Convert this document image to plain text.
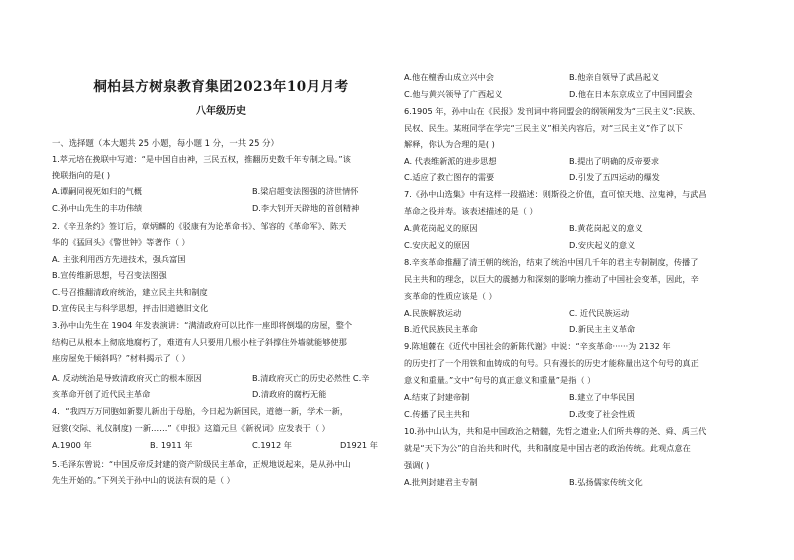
桐柏县方树泉教育集团2023年10月月考
八年级历史
一、选择题（本大题共 25 小题，每小题 1 分，一共 25 分）
1.萃元培在挽联中写道：“是中国自由神，三民五权，推翻历史数千年专制之局。”该
挽联指向的是( )
A.谭嗣同视死如归的气概	B.梁启超变法图强的济世情怀
C.孙中山先生的丰功伟绩	D.李大钊开天辟地的首创精神
2.《辛丑条约》签订后，章炳麟的《驳康有为论革命书》、邹容的《革命军》、陈天
华的《猛回头》《警世钟》等著作（ ）
A. 主张利用西方先进技术，强兵富国
B.宣传维新思想，号召变法图强
C.号召推翻清政府统治，建立民主共和制度
D.宣传民主与科学思想，抨击旧道德旧文化
3.孙中山先生在 1904 年发表演讲：“满清政府可以比作一座即将倒塌的房屋，整个
结构已从根本上彻底地腐朽了，难道有人只要用几根小柱子斜撑住外墙就能够使那
座房屋免于倾斜吗？”材料揭示了（ ）
A. 反动统治是导致清政府灭亡的根本原因	B.清政府灭亡的历史必然性 C.辛
亥革命开创了近代民主革命	D.清政府的腐朽无能
4．“我四万万同胞如新婴儿新出于母胎，今日起为新国民，道德一新，学术一新，
冠裳(交际、礼仪制度) 一新……”《申报》这篇元旦《新祝词》应发表于（ ）
A.1900 年	B. 1911 年	C.1912 年	D1921 年
5.毛泽东曾说：“中国反帝反封建的资产阶级民主革命，正规地说起来，是从孙中山
先生开始的。”下列关于孙中山的说法有误的是（ ）
A.他在檀香山成立兴中会	B.他亲自领导了武昌起义
C.他与黄兴领导了广西起义	D.他在日本东京成立了中国同盟会
6.1905 年，孙中山在《民报》发刊词中将同盟会的纲领阐发为“三民主义”:民族、
民权、民生。某班同学在学完“三民主义”相关内容后，对“三民主义”作了以下
解释，你认为合理的是( )
A. 代表维新派的进步思想	B.提出了明确的反帝要求
C.适应了救亡图存的需要	D.引发了五四运动的爆发
7.《孙中山选集》中有这样一段描述：则斯役之价值，直可惊天地、泣鬼神，与武昌
革命之役并寿。该表述描述的是（ ）
A.黄花岗起义的原因	B.黄花岗起义的意义
C.安庆起义的原因	D.安庆起义的意义
8.辛亥革命推翻了清王朝的统治，结束了统治中国几千年的君主专制制度，传播了
民主共和的理念，以巨大的震撼力和深刻的影响力推动了中国社会变革，因此，辛
亥革命的性质应该是（ ）
A.民族解放运动	C. 近代民族运动
B.近代民族民主革命	D.新民主主义革命
9.陈旭麓在《近代中国社会的新陈代谢》中说：“辛亥革命······为 2132 年
的历史打了一个用铁和血铸成的句号。只有漫长的历史才能称量出这个句号的真正
意义和重量。”文中“句号的真正意义和重量”是指（ ）
A.结束了封建帝制	B.建立了中华民国
C.传播了民主共和	D.改变了社会性质
10.孙中山认为，共和是中国政治之精髓，先哲之遗业;人们所共尊的尧、舜、禹三代
就是“天下为公”的自治共和时代，共和制度是中国古老的政治传统。此观点意在
强调( )
A.批判封建君主专制	B.弘扬儒家传统文化
